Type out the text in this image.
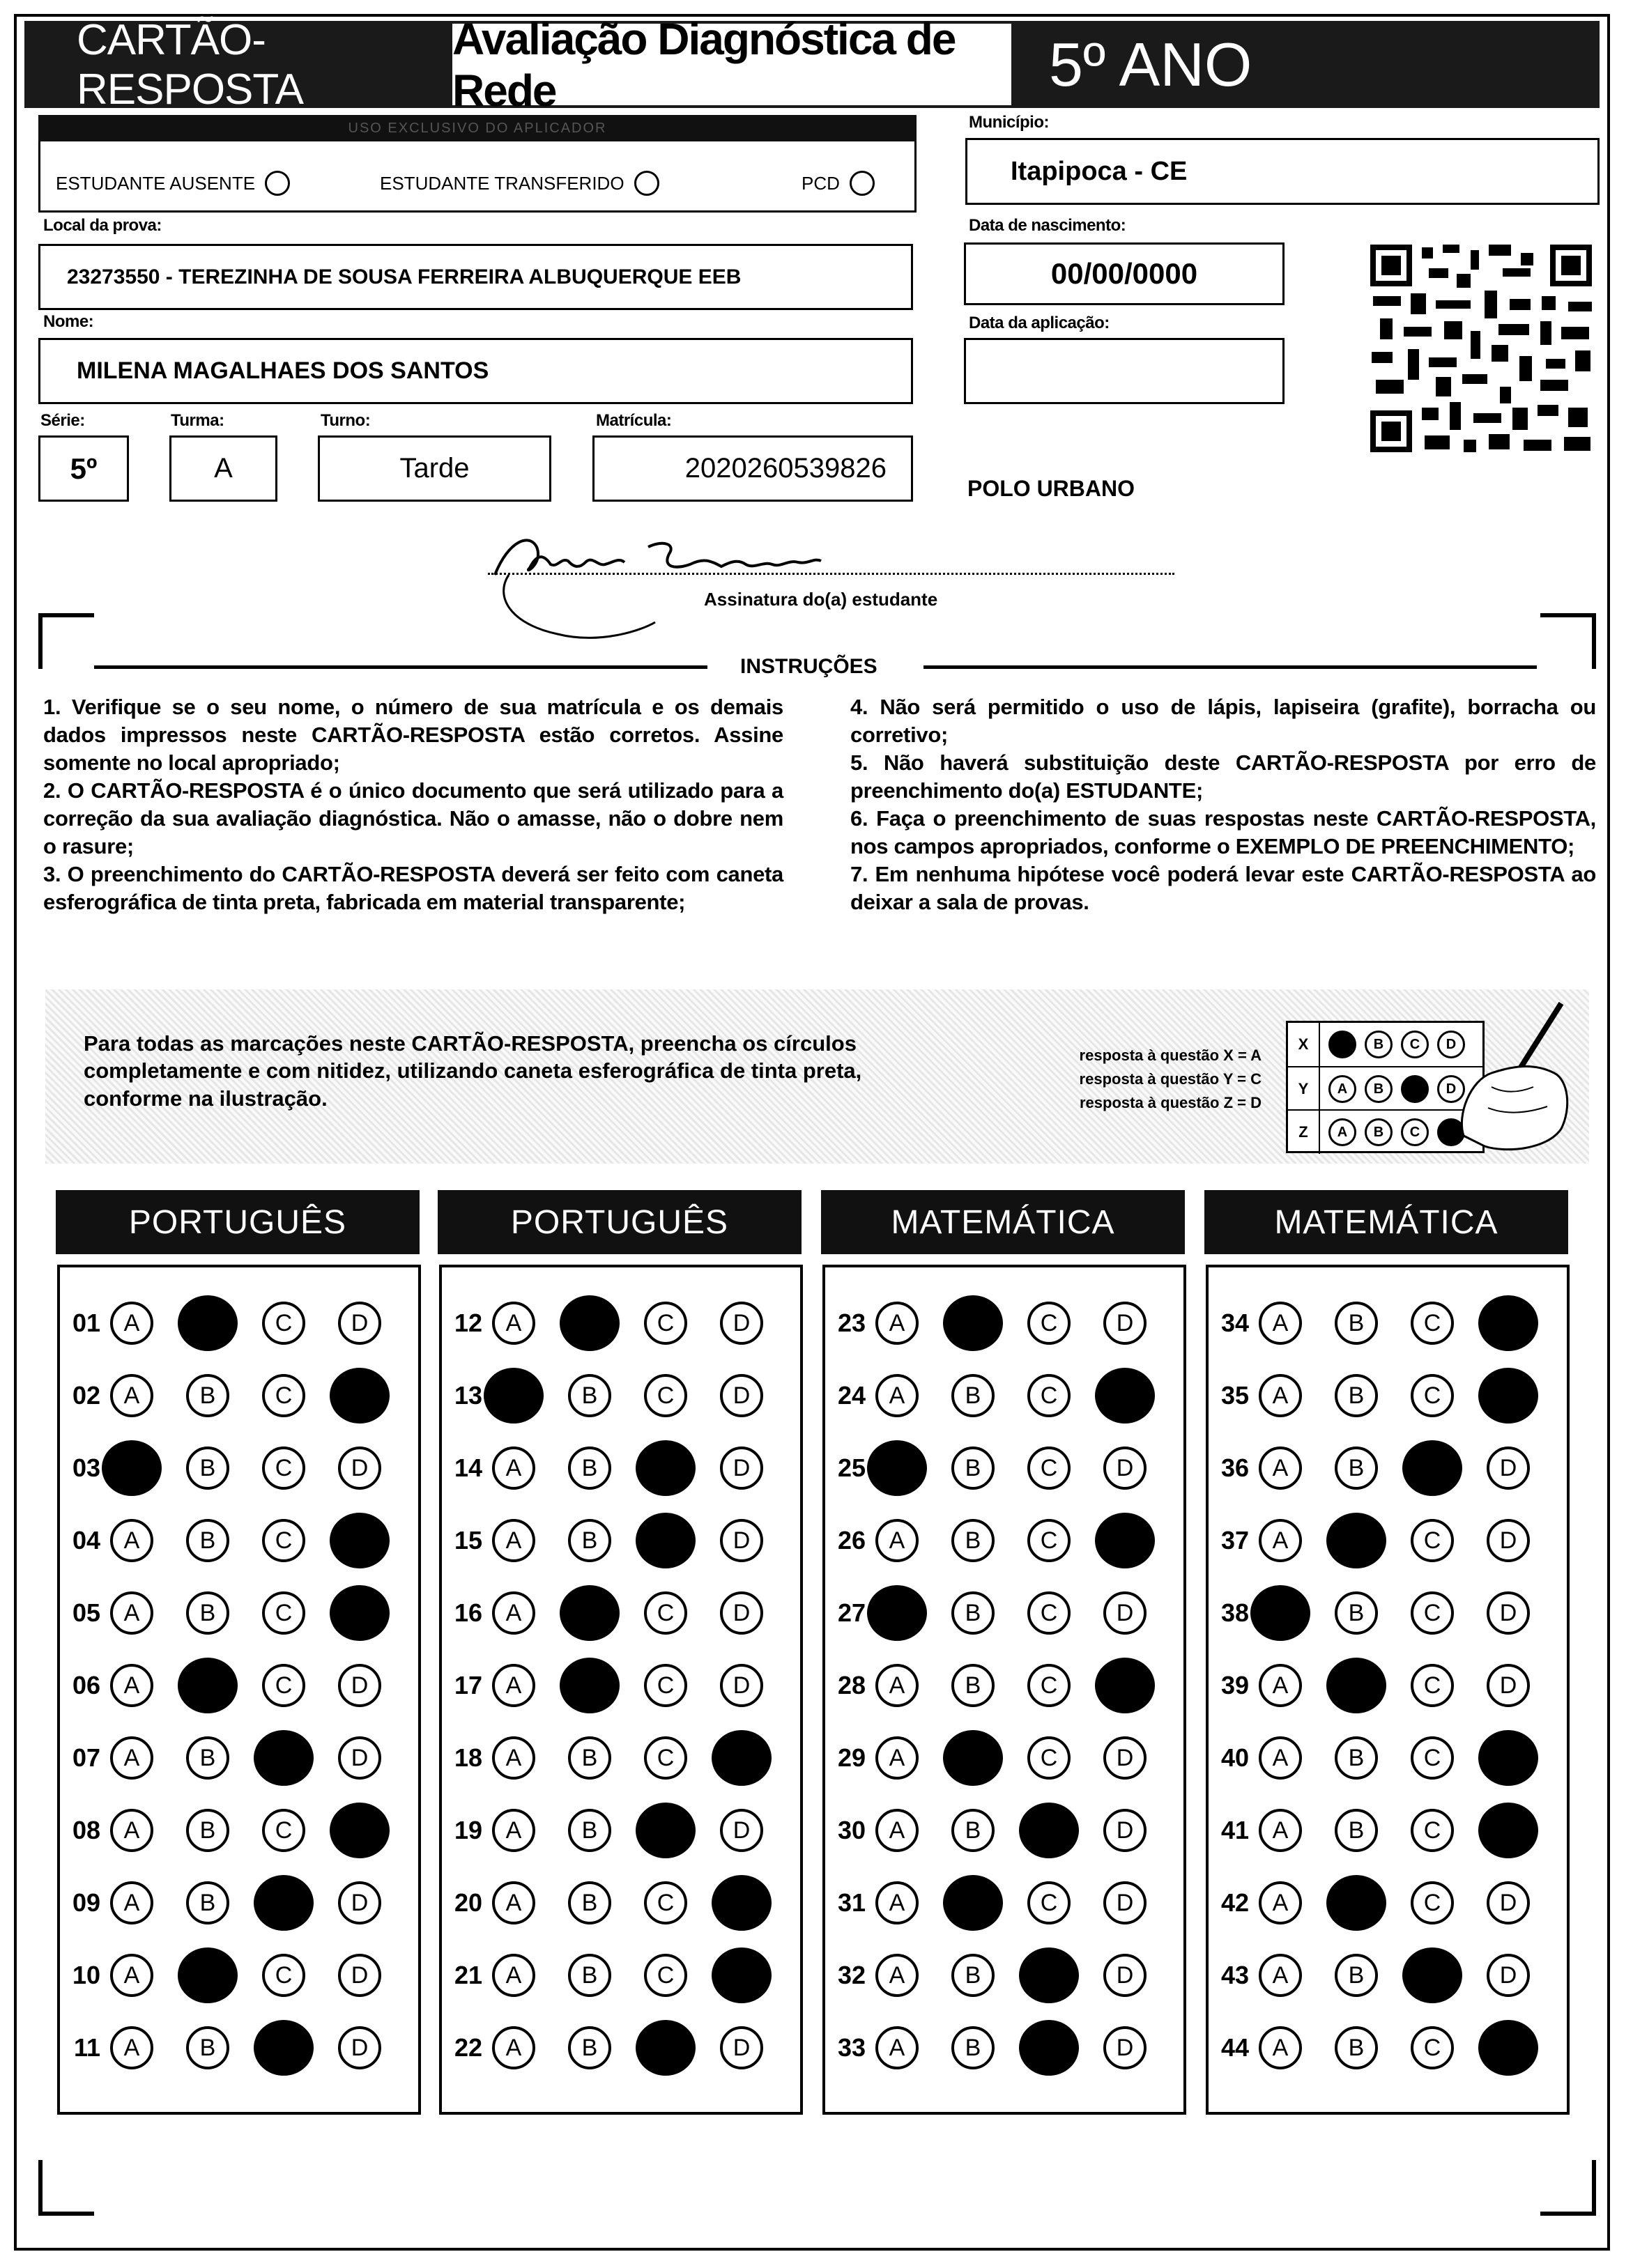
CARTÃO-RESPOSTA
Avaliação Diagnóstica de Rede	5º ANO
USO EXCLUSIVO DO APLICADOR
ESTUDANTE AUSENTE	ESTUDANTE TRANSFERIDO	PCD
Município:
Itapipoca - CE
Local da prova:
23273550 - TEREZINHA DE SOUSA FERREIRA ALBUQUERQUE EEB
Data de nascimento:
00/00/0000
Nome:
MILENA MAGALHAES DOS SANTOS
Data da aplicação:
Série:
5º
Turma:
A
Turno:
Tarde
Matrícula:
2020260539826
POLO URBANO
Assinatura do(a) estudante
INSTRUÇÕES

1. Verifique se o seu nome, o número de sua matrícula e os demais dados impressos neste CARTÃO-RESPOSTA estão corretos. Assine somente no local apropriado;

2. O CARTÃO-RESPOSTA é o único documento que será utilizado para a correção da sua avaliação diagnóstica. Não o amasse, não o dobre nem o rasure;

3. O preenchimento do CARTÃO-RESPOSTA deverá ser feito com caneta esferográfica de tinta preta, fabricada em material transparente;

4. Não será permitido o uso de lápis, lapiseira (grafite), borracha ou corretivo;

5. Não haverá substituição deste CARTÃO-RESPOSTA por erro de preenchimento do(a) ESTUDANTE;

6. Faça o preenchimento de suas respostas neste CARTÃO-RESPOSTA, nos campos apropriados, conforme o EXEMPLO DE PREENCHIMENTO;

7. Em nenhuma hipótese você poderá levar este CARTÃO-RESPOSTA ao deixar a sala de provas.

Para todas as marcações neste CARTÃO-RESPOSTA, preencha os círculos completamente e com nitidez, utilizando caneta esferográfica de tinta preta, conforme na ilustração.
resposta à questão X = A
resposta à questão Y = C
resposta à questão Z = D
X	A	B	C	D
Y	A	B	C	D
Z	A	B	C	D
PORTUGUÊS
01 A	B	C	D
02 A	B	C	D
03 A	B	C	D
04 A	B	C	D
05 A	B	C	D
06 A	B	C	D
07 A	B	C	D
08 A	B	C	D
09 A	B	C	D
10 A	B	C	D
11 A	B	C	D
PORTUGUÊS
12 A	B	C	D
13 A	B	C	D
14 A	B	C	D
15 A	B	C	D
16 A	B	C	D
17 A	B	C	D
18 A	B	C	D
19 A	B	C	D
20 A	B	C	D
21 A	B	C	D
22 A	B	C	D
MATEMÁTICA
23 A	B	C	D
24 A	B	C	D
25 A	B	C	D
26 A	B	C	D
27 A	B	C	D
28 A	B	C	D
29 A	B	C	D
30 A	B	C	D
31 A	B	C	D
32 A	B	C	D
33 A	B	C	D
MATEMÁTICA
34 A	B	C	D
35 A	B	C	D
36 A	B	C	D
37 A	B	C	D
38 A	B	C	D
39 A	B	C	D
40 A	B	C	D
41 A	B	C	D
42 A	B	C	D
43 A	B	C	D
44 A	B	C	D
